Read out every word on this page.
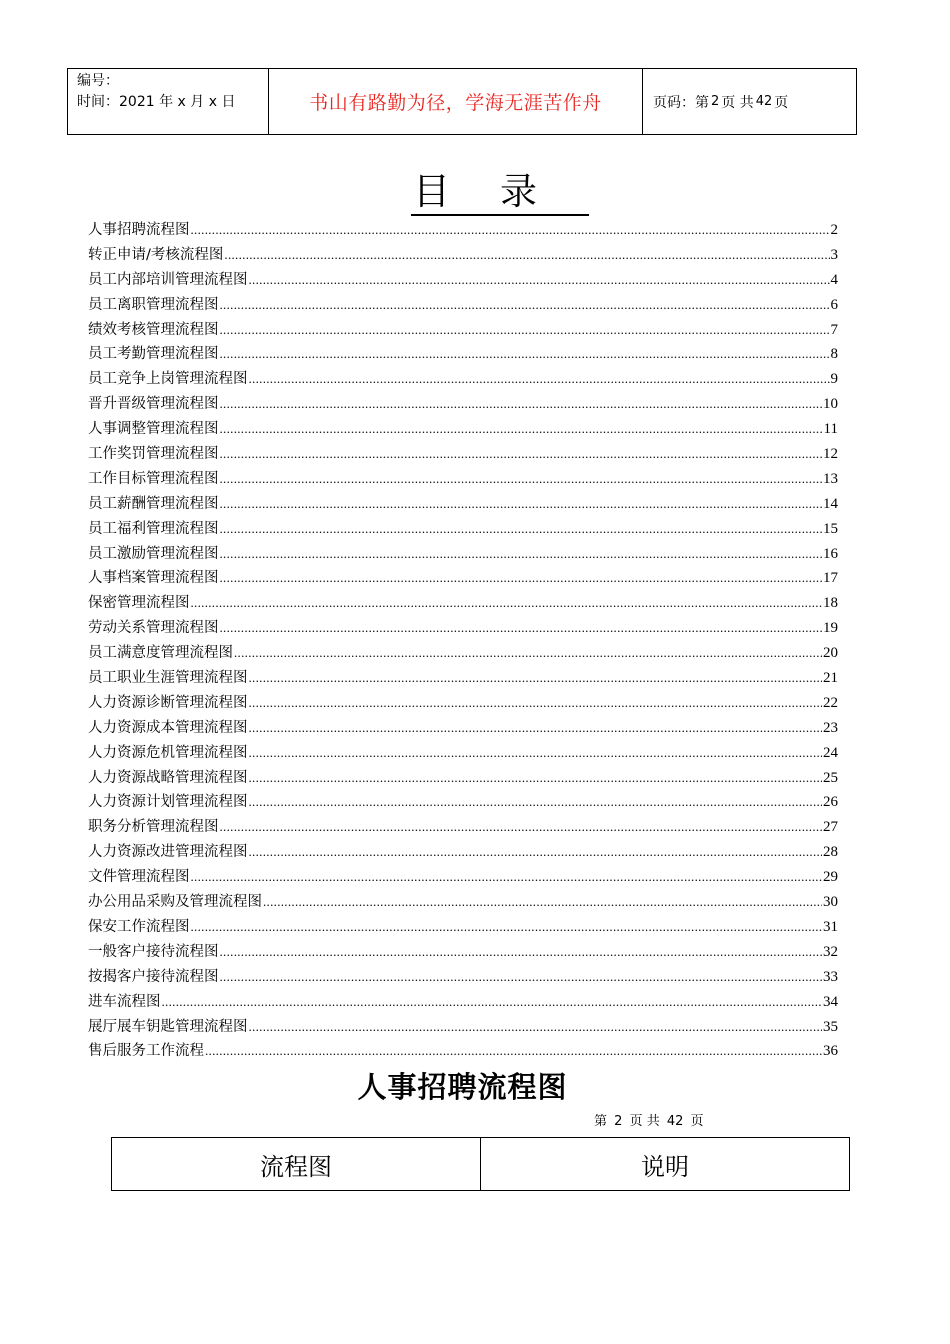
编号：
时间：2021 年 x 月 x 日	书山有路勤为径，学海无涯苦作舟	页码：第 2 页 共 42 页
目录
人事招聘流程图 .....	2
转正申请/考核流程图 .....	3
员工内部培训管理流程图 .....	4
员工离职管理流程图 .....	6
绩效考核管理流程图 .....	7
员工考勤管理流程图 .....	8
员工竞争上岗管理流程图 .....	9
晋升晋级管理流程图 .....	10
人事调整管理流程图 .....	11
工作奖罚管理流程图 .....	12
工作目标管理流程图 .....	13
员工薪酬管理流程图 .....	14
员工福利管理流程图 .....	15
员工激励管理流程图 .....	16
人事档案管理流程图 .....	17
保密管理流程图 .....	18
劳动关系管理流程图 .....	19
员工满意度管理流程图 .....	20
员工职业生涯管理流程图 .....	21
人力资源诊断管理流程图 .....	22
人力资源成本管理流程图 .....	23
人力资源危机管理流程图 .....	24
人力资源战略管理流程图 .....	25
人力资源计划管理流程图 .....	26
职务分析管理流程图 .....	27
人力资源改进管理流程图 .....	28
文件管理流程图 .....	29
办公用品采购及管理流程图 .....	30
保安工作流程图 .....	31
一般客户接待流程图 .....	32
按揭客户接待流程图 .....	33
进车流程图 .....	34
展厅展车钥匙管理流程图 .....	35
售后服务工作流程 .....	36
人事招聘流程图
第 2 页 共 42 页
流程图	说明
